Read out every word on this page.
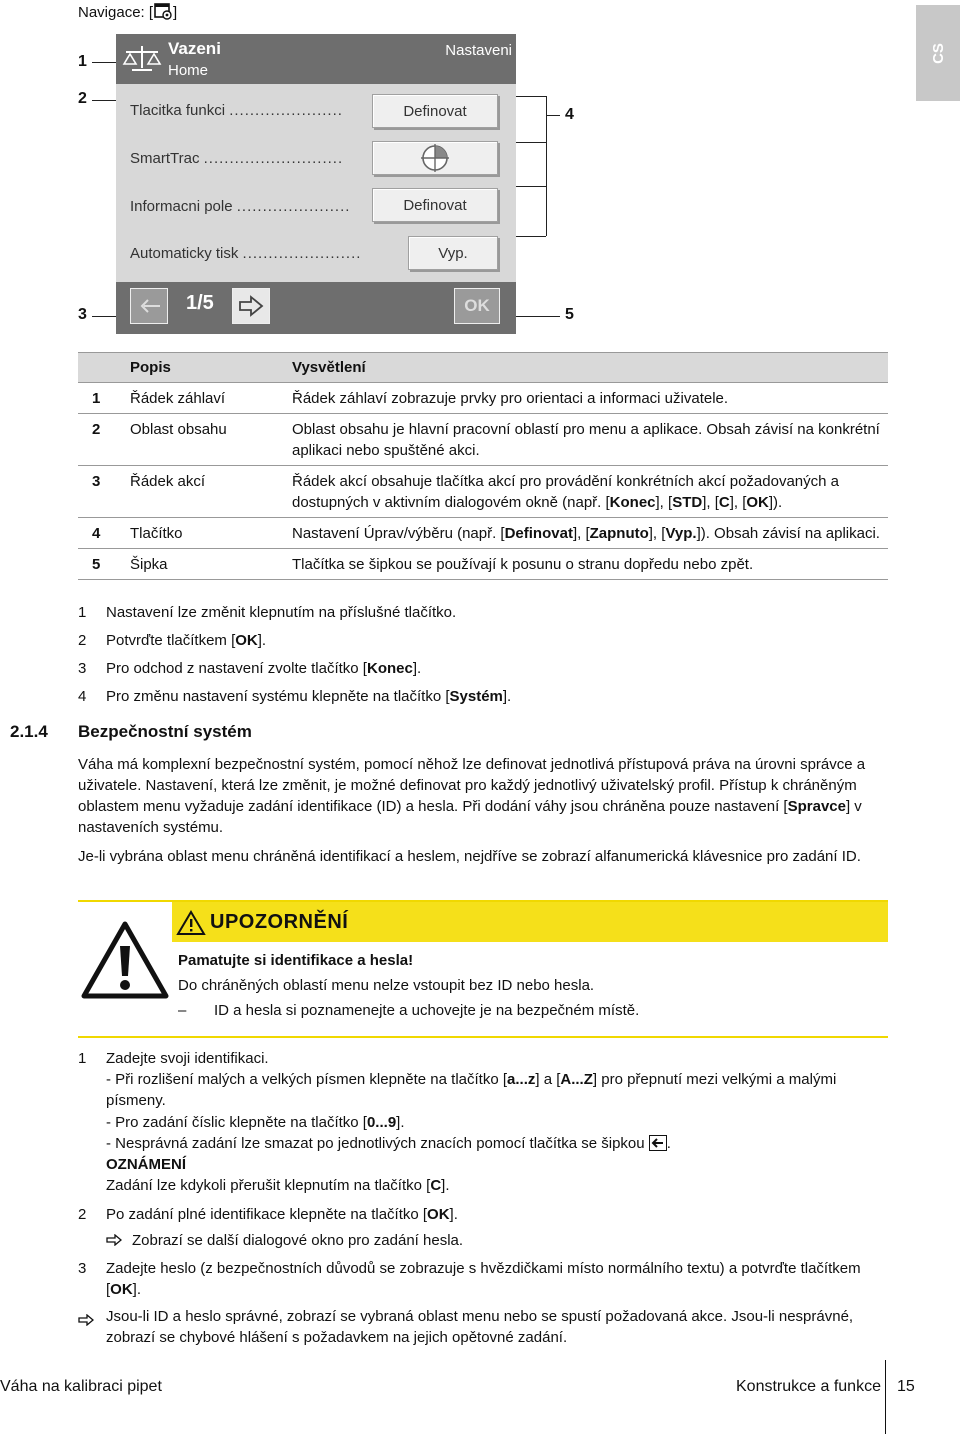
Navigace: [ ]
CS
1
2
3
4
5
Vazeni
Home
Nastaveni
Tlacitka funkci ......................	Definovat
SmartTrac ...........................
Informacni pole ......................	Definovat
Automaticky tisk .......................	Vyp.
1/5	OK
	Popis	Vysvětlení
1	Řádek záhlaví	Řádek záhlaví zobrazuje prvky pro orientaci a informaci uživatele.
2	Oblast obsahu	Oblast obsahu je hlavní pracovní oblastí pro menu a aplikace. Obsah závisí na konkrétní aplikaci nebo spuštěné akci.
3	Řádek akcí	Řádek akcí obsahuje tlačítka akcí pro provádění konkrétních akcí požadovaných a dostupných v aktivním dialogovém okně (např. [Konec], [STD], [C], [OK]).
4	Tlačítko	Nastavení Úprav/výběru (např. [Definovat], [Zapnuto], [Vyp.]). Obsah závisí na aplikaci.
5	Šipka	Tlačítka se šipkou se používají k posunu o stranu dopředu nebo zpět.
1	Nastavení lze změnit klepnutím na příslušné tlačítko.
2	Potvrďte tlačítkem [OK].
3	Pro odchod z nastavení zvolte tlačítko [Konec].
4	Pro změnu nastavení systému klepněte na tlačítko [Systém].
2.1.4 Bezpečnostní systém
Váha má komplexní bezpečnostní systém, pomocí něhož lze definovat jednotlivá přístupová práva na úrovni správce a uživatele. Nastavení, která lze změnit, je možné definovat pro každý jednotlivý uživatelský profil. Přístup k chráněným oblastem menu vyžaduje zadání identifikace (ID) a hesla. Při dodání váhy jsou chráněna pouze nastavení [Spravce] v nastaveních systému.
Je-li vybrána oblast menu chráněná identifikací a heslem, nejdříve se zobrazí alfanumerická klávesnice pro zadání ID.
UPOZORNĚNÍ
Pamatujte si identifikace a hesla!
Do chráněných oblastí menu nelze vstoupit bez ID nebo hesla.
– ID a hesla si poznamenejte a uchovejte je na bezpečném místě.
1	Zadejte svoji identifikaci.
- Při rozlišení malých a velkých písmen klepněte na tlačítko [a...z] a [A...Z] pro přepnutí mezi velkými a malými písmeny.
- Pro zadání číslic klepněte na tlačítko [0...9].
- Nesprávná zadání lze smazat po jednotlivých znacích pomocí tlačítka se šipkou .
OZNÁMENÍ
Zadání lze kdykoli přerušit klepnutím na tlačítko [C].
2	Po zadání plné identifikace klepněte na tlačítko [OK].
Zobrazí se další dialogové okno pro zadání hesla.
3	Zadejte heslo (z bezpečnostních důvodů se zobrazuje s hvězdičkami místo normálního textu) a potvrďte tlačítkem [OK].
Jsou-li ID a heslo správné, zobrazí se vybraná oblast menu nebo se spustí požadovaná akce. Jsou-li nesprávné, zobrazí se chybové hlášení s požadavkem na jejich opětovné zadání.
Váha na kalibraci pipet	Konstrukce a funkce 15
